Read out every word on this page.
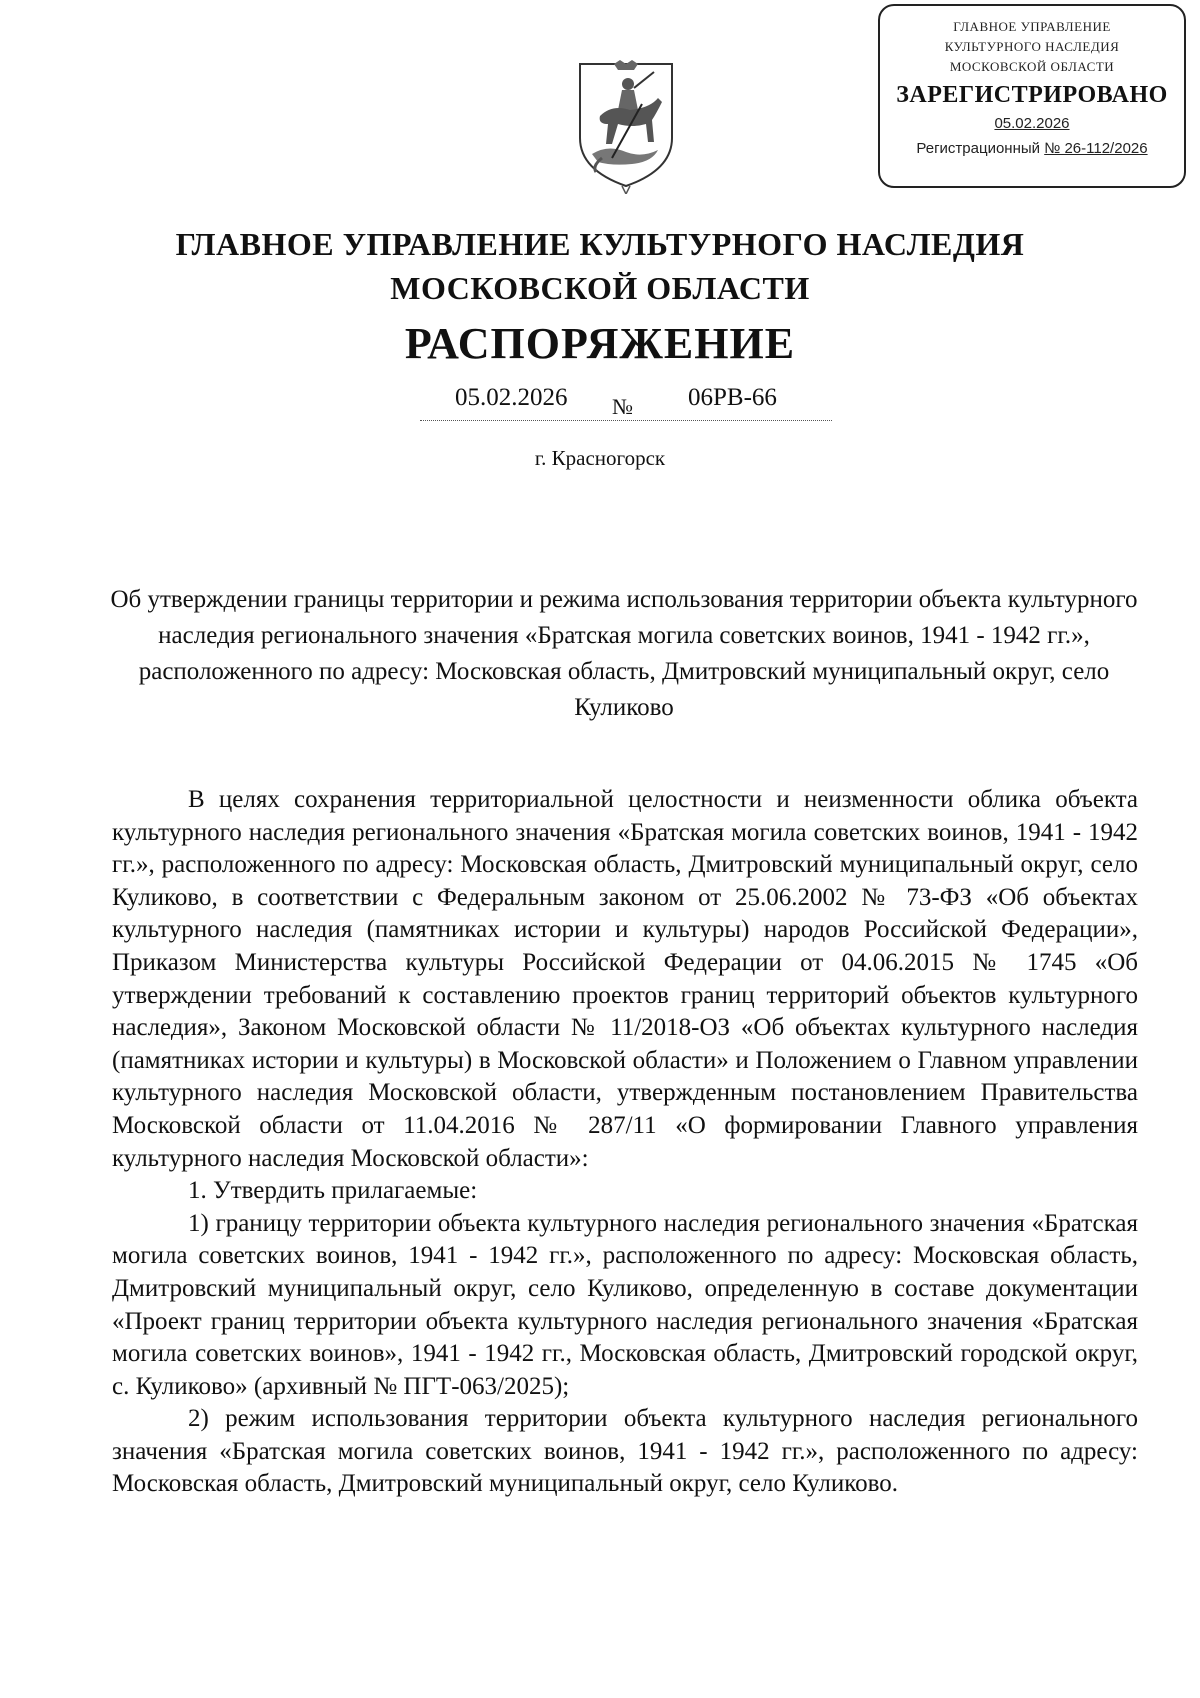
ГЛАВНОЕ УПРАВЛЕНИЕ
КУЛЬТУРНОГО НАСЛЕДИЯ
МОСКОВСКОЙ ОБЛАСТИ
ЗАРЕГИСТРИРОВАНО
05.02.2026
Регистрационный № 26-112/2026
ГЛАВНОЕ УПРАВЛЕНИЕ КУЛЬТУРНОГО НАСЛЕДИЯ
МОСКОВСКОЙ ОБЛАСТИ
РАСПОРЯЖЕНИЕ
05.02.2026 № 06РВ-66
г. Красногорск
Об утверждении границы территории и режима использования территории объекта культурного наследия регионального значения «Братская могила советских воинов, 1941 - 1942 гг.», расположенного по адресу: Московская область, Дмитровский муниципальный округ, село Куликово

В целях сохранения территориальной целостности и неизменности облика объекта культурного наследия регионального значения «Братская могила советских воинов, 1941 - 1942 гг.», расположенного по адресу: Московская область, Дмитровский муниципальный округ, село Куликово, в соответствии с Федеральным законом от 25.06.2002 № 73-ФЗ «Об объектах культурного наследия (памятниках истории и культуры) народов Российской Федерации», Приказом Министерства культуры Российской Федерации от 04.06.2015 № 1745 «Об утверждении требований к составлению проектов границ территорий объектов культурного наследия», Законом Московской области № 11/2018-ОЗ «Об объектах культурного наследия (памятниках истории и культуры) в Московской области» и Положением о Главном управлении культурного наследия Московской области, утвержденным постановлением Правительства Московской области от 11.04.2016 № 287/11 «О формировании Главного управления культурного наследия Московской области»:

1. Утвердить прилагаемые:

1) границу территории объекта культурного наследия регионального значения «Братская могила советских воинов, 1941 - 1942 гг.», расположенного по адресу: Московская область, Дмитровский муниципальный округ, село Куликово, определенную в составе документации «Проект границ территории объекта культурного наследия регионального значения «Братская могила советских воинов», 1941 - 1942 гг., Московская область, Дмитровский городской округ, с. Куликово» (архивный № ПГТ-063/2025);

2) режим использования территории объекта культурного наследия регионального значения «Братская могила советских воинов, 1941 - 1942 гг.», расположенного по адресу: Московская область, Дмитровский муниципальный округ, село Куликово.
